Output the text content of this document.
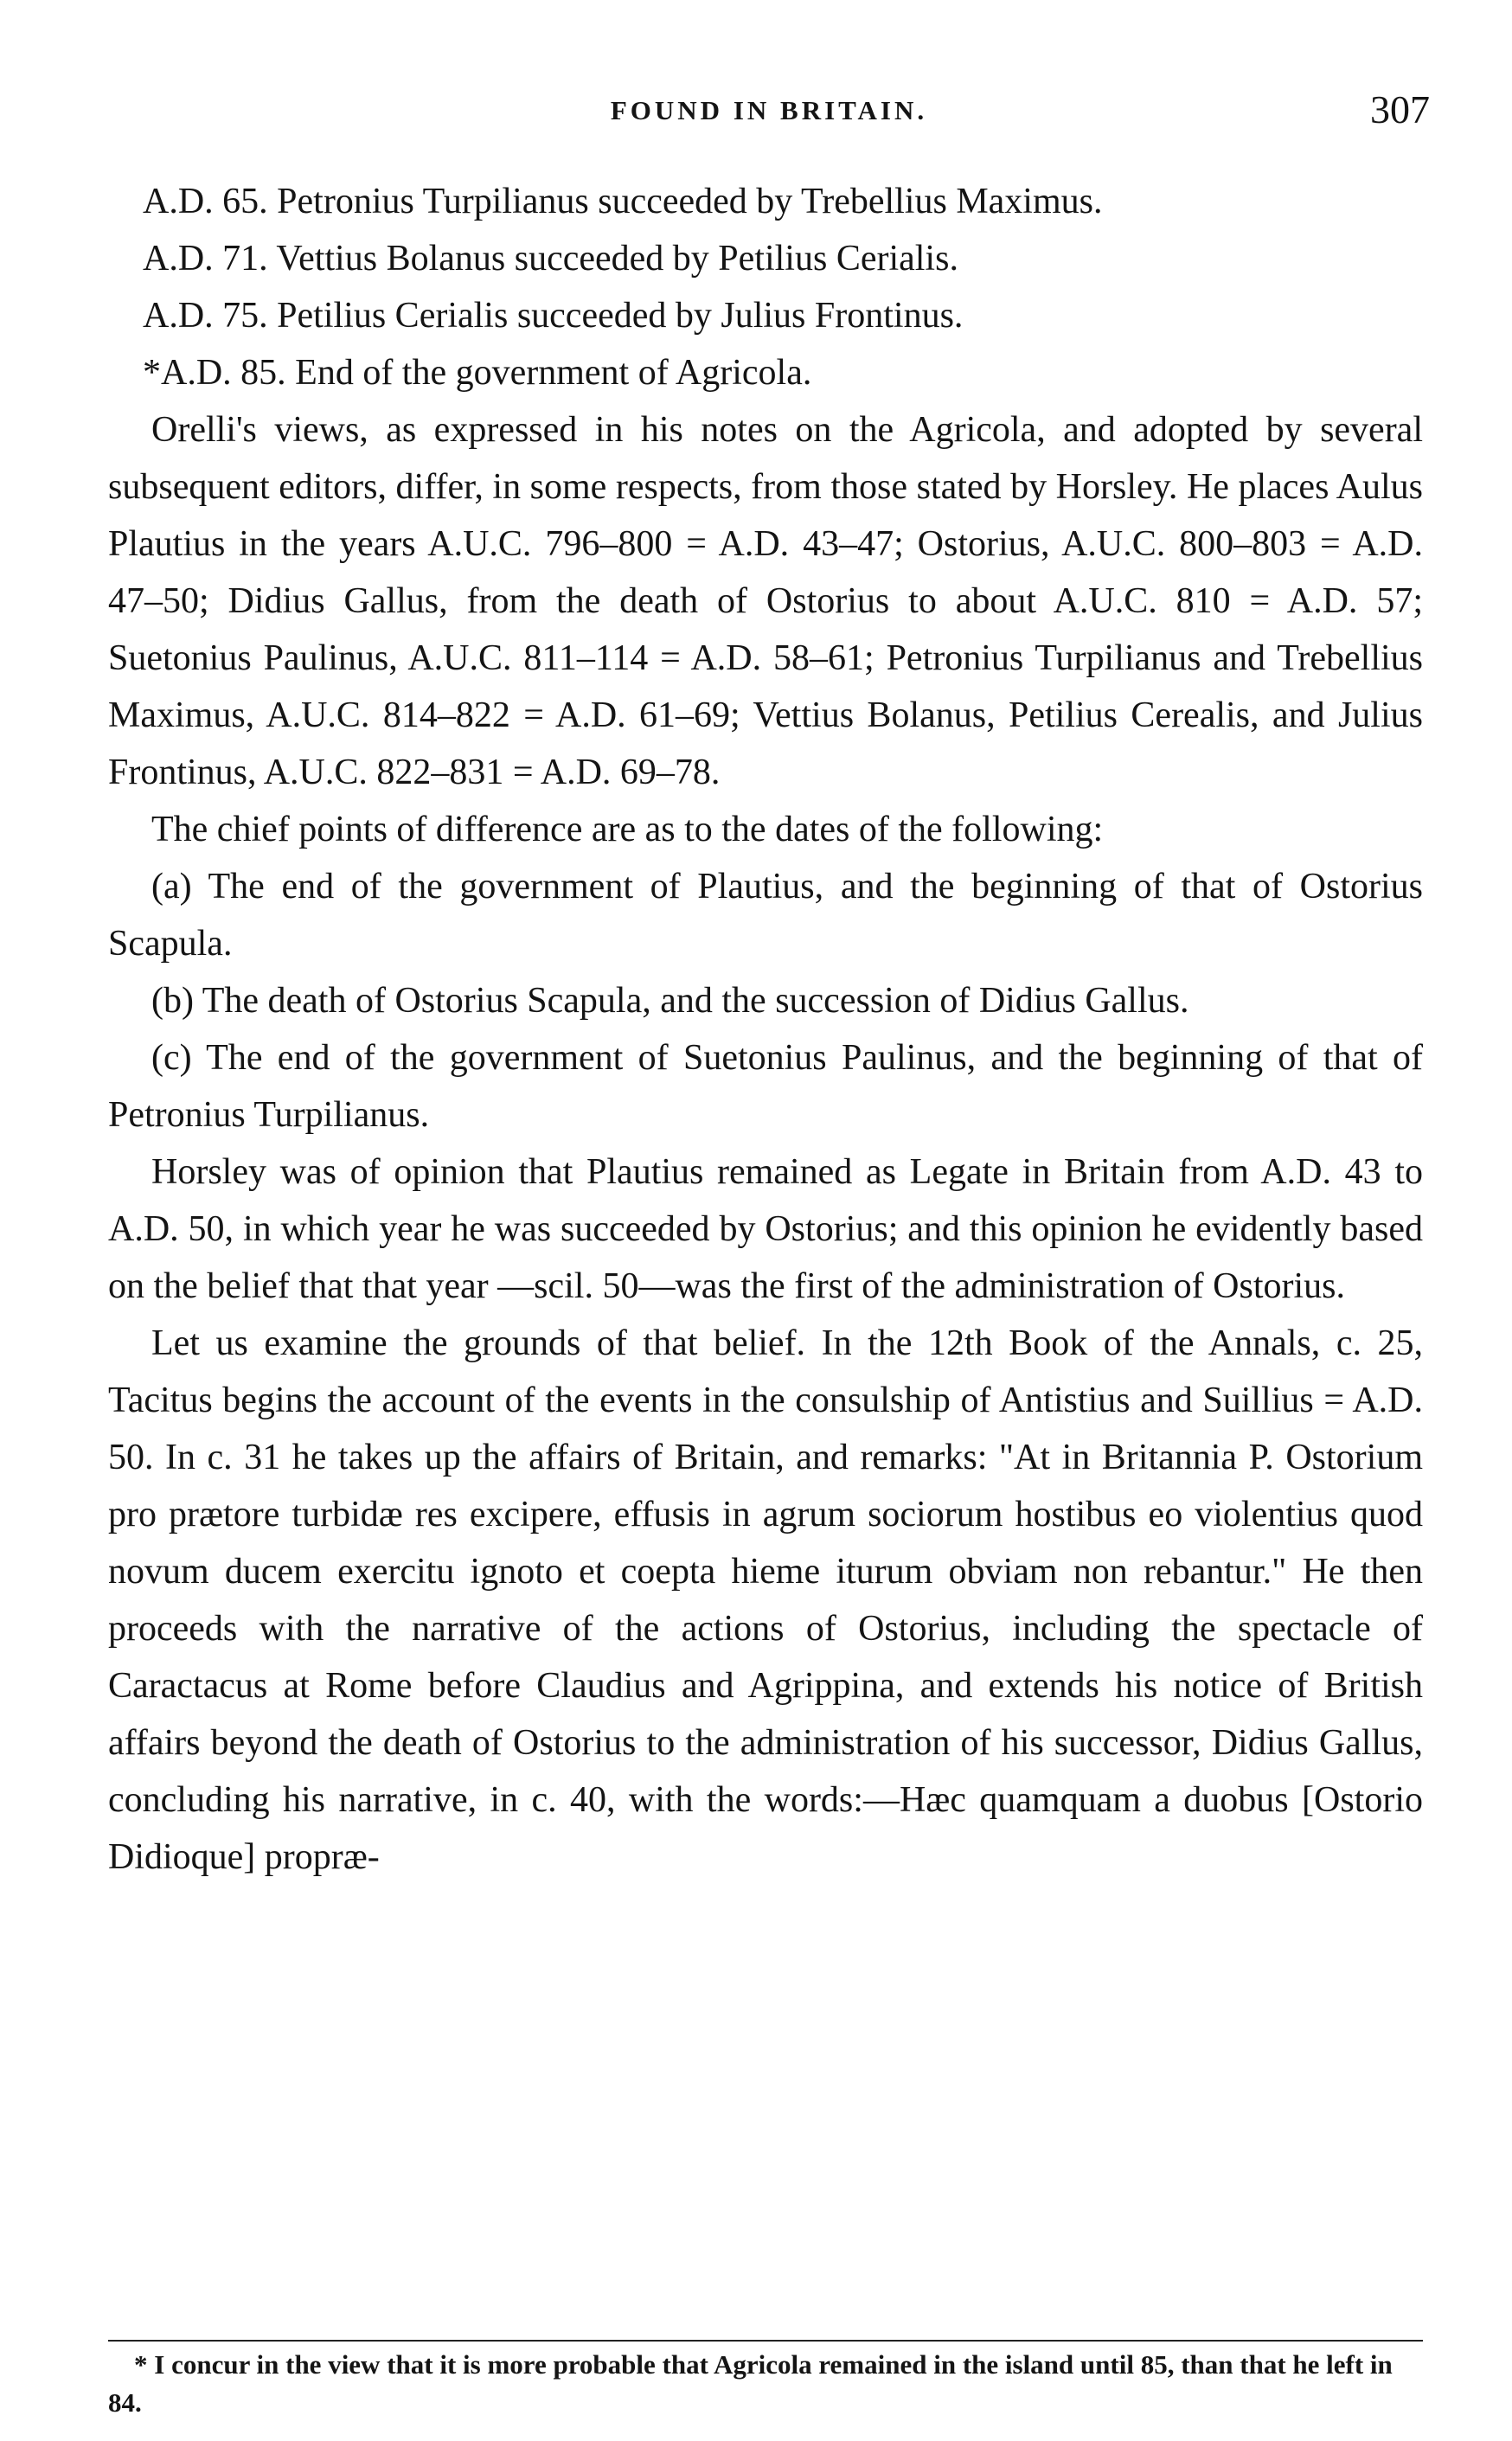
FOUND IN BRITAIN.	307

A.D. 65. Petronius Turpilianus succeeded by Trebellius Maximus.

A.D. 71. Vettius Bolanus succeeded by Petilius Cerialis.

A.D. 75. Petilius Cerialis succeeded by Julius Frontinus.

*A.D. 85. End of the government of Agricola.

Orelli's views, as expressed in his notes on the Agricola, and adopted by several subsequent editors, differ, in some respects, from those stated by Horsley. He places Aulus Plautius in the years A.U.C. 796–800 = A.D. 43–47; Ostorius, A.U.C. 800–803 = A.D. 47–50; Didius Gallus, from the death of Ostorius to about A.U.C. 810 = A.D. 57; Suetonius Paulinus, A.U.C. 811–114 = A.D. 58–61; Petronius Turpilianus and Trebellius Maximus, A.U.C. 814–822 = A.D. 61–69; Vettius Bolanus, Petilius Cerealis, and Julius Frontinus, A.U.C. 822–831 = A.D. 69–78.

The chief points of difference are as to the dates of the following:

(a) The end of the government of Plautius, and the beginning of that of Ostorius Scapula.

(b) The death of Ostorius Scapula, and the succession of Didius Gallus.

(c) The end of the government of Suetonius Paulinus, and the beginning of that of Petronius Turpilianus.

Horsley was of opinion that Plautius remained as Legate in Britain from A.D. 43 to A.D. 50, in which year he was succeeded by Ostorius; and this opinion he evidently based on the belief that that year —scil. 50—was the first of the administration of Ostorius.

Let us examine the grounds of that belief. In the 12th Book of the Annals, c. 25, Tacitus begins the account of the events in the consulship of Antistius and Suillius = A.D. 50. In c. 31 he takes up the affairs of Britain, and remarks: "At in Britannia P. Ostorium pro prætore turbidæ res excipere, effusis in agrum sociorum hostibus eo violentius quod novum ducem exercitu ignoto et coepta hieme iturum obviam non rebantur." He then proceeds with the narrative of the actions of Ostorius, including the spectacle of Caractacus at Rome before Claudius and Agrippina, and extends his notice of British affairs beyond the death of Ostorius to the administration of his successor, Didius Gallus, concluding his narrative, in c. 40, with the words:—Hæc quamquam a duobus [Ostorio Didioque] propræ-

* I concur in the view that it is more probable that Agricola remained in the island until 85, than that he left in 84.
